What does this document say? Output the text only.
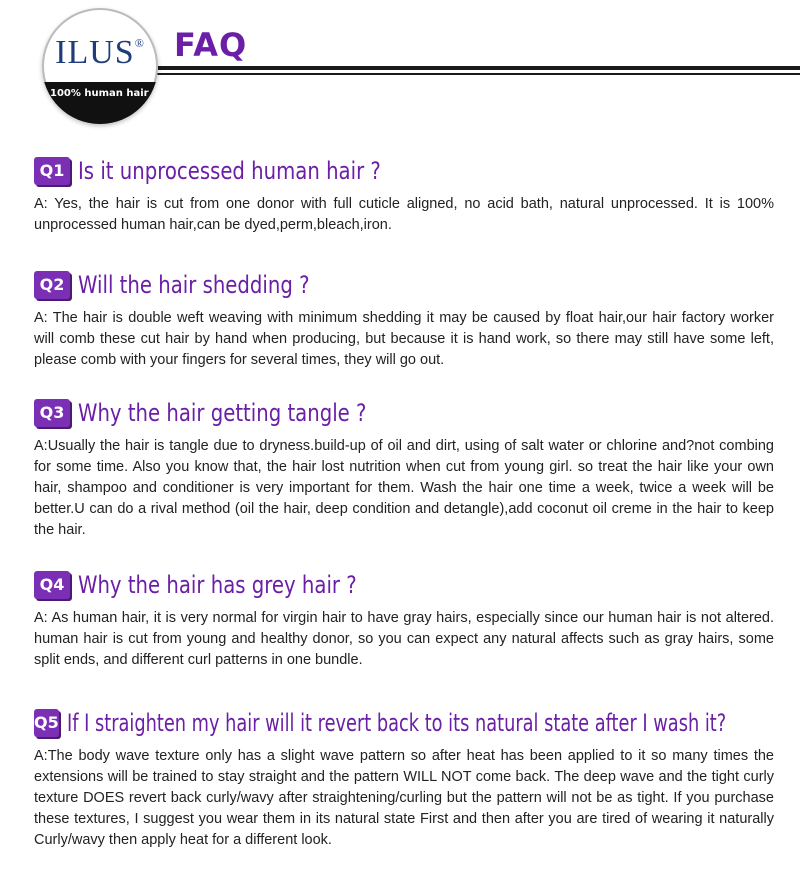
ILUS®
100% human hair
FAQ
Q1 Is it unprocessed human hair ?
A: Yes, the hair is cut from one donor with full cuticle aligned, no acid bath, natural unprocessed. It is 100% unprocessed human hair,can be dyed,perm,bleach,iron.
Q2 Will the hair shedding ?
A: The hair is double weft weaving with minimum shedding it may be caused by float hair,our hair factory worker will comb these cut hair by hand when producing, but because it is hand work, so there may still have some left, please comb with your fingers for several times, they will go out.
Q3 Why the hair getting tangle ?
A:Usually the hair is tangle due to dryness.build-up of oil and dirt, using of salt water or chlorine and?not combing for some time. Also you know that, the hair lost nutrition when cut from young girl. so treat the hair like your own hair, shampoo and conditioner is very important for them. Wash the hair one time a week, twice a week will be better.U can do a rival method (oil the hair, deep condition and detangle),add coconut oil creme in the hair to keep the hair.
Q4 Why the hair has grey hair ?
A: As human hair, it is very normal for virgin hair to have gray hairs, especially since our human hair is not altered. human hair is cut from young and healthy donor, so you can expect any natural affects such as gray hairs, some split ends, and different curl patterns in one bundle.
Q5 If I straighten my hair will it revert back to its natural state after I wash it?
A:The body wave texture only has a slight wave pattern so after heat has been applied to it so many times the extensions will be trained to stay straight and the pattern WILL NOT come back. The deep wave and the tight curly texture DOES revert back curly/wavy after straightening/curling but the pattern will not be as tight. If you purchase these textures, I suggest you wear them in its natural state First and then after you are tired of wearing it naturally Curly/wavy then apply heat for a different look.
